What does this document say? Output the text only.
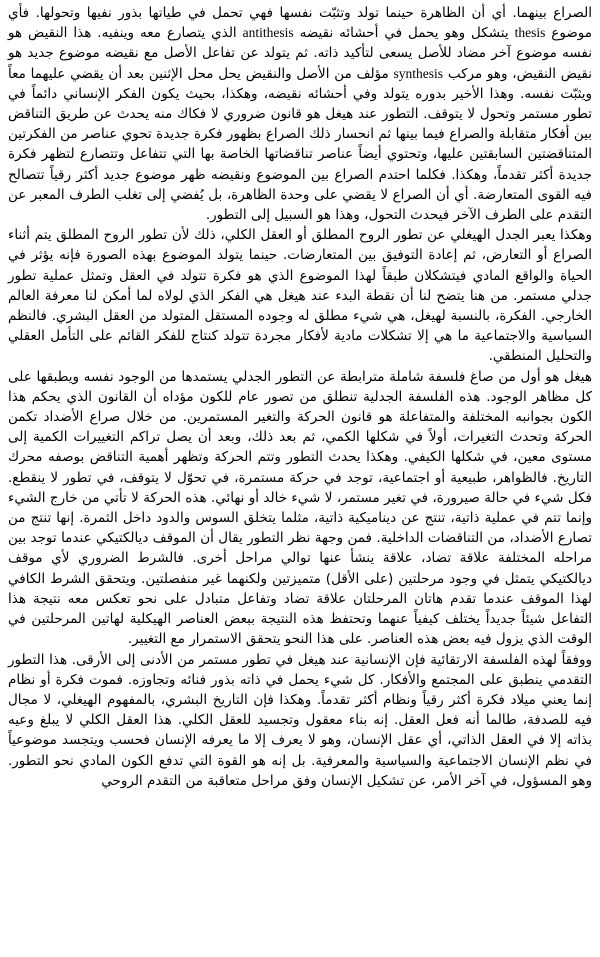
الصراع بينهما. أي أن الظاهرة حينما تولد وتثبّت نفسها فهي تحمل في طياتها بذور نفيها وتحولها. فأي موضوع thesis يتشكل وهو يحمل في أحشائه نقيضه antithesis الذي يتصارع معه وينفيه. هذا النقيض هو نفسه موضوع آخر مضاد للأصل يسعى لتأكيد ذاته. ثم يتولد عن تفاعل الأصل مع نقيضه موضوع جديد هو نقيض النقيض، وهو مركب synthesis مؤلف من الأصل والنقيض يحل محل الإثنين بعد أن يقضي عليهما معاً ويثبّت نفسه. وهذا الأخير بدوره يتولد وفي أحشائه نقيضه، وهكذا، بحيث يكون الفكر الإنساني دائماً في تطور مستمر وتحول لا يتوقف. التطور عند هيغل هو قانون ضروري لا فكاك منه يحدث عن طريق التناقض بين أفكار متقابلة والصراع فيما بينها ثم انحسار ذلك الصراع بظهور فكرة جديدة تحوي عناصر من الفكرتين المتناقضتين السابقتين عليها، وتحتوي أيضاً عناصر تناقضاتها الخاصة بها التي تتفاعل وتتصارع لتظهر فكرة جديدة أكثر تقدماً، وهكذا. فكلما احتدم الصراع بين الموضوع ونقيضه ظهر موضوع جديد أكثر رقياً تتصالح فيه القوى المتعارضة. أي أن الصراع لا يقضي على وحدة الظاهرة، بل يُفضي إلى تغلب الطرف المعبر عن التقدم على الطرف الآخر فيحدث التحول، وهذا هو السبيل إلى التطور.

وهكذا يعبر الجدل الهيغلي عن تطور الروح المطلق أو العقل الكلي، ذلك لأن تطور الروح المطلق يتم أثناء الصراع أو التعارض، ثم إعادة التوفيق بين المتعارضات. حينما يتولد الموضوع بهذه الصورة فإنه يؤثر في الحياة والواقع المادي فيتشكلان طبقاً لهذا الموضوع الذي هو فكرة تتولد في العقل وتمثل عملية تطور جدلي مستمر. من هنا يتضح لنا أن نقطة البدء عند هيغل هي الفكر الذي لولاه لما أمكن لنا معرفة العالم الخارجي. الفكرة، بالنسبة لهيغل، هي شيء مطلق له وجوده المستقل المتولد من العقل البشري. فالنظم السياسية والاجتماعية ما هي إلا تشكلات مادية لأفكار مجردة تتولد كنتاج للفكر القائم على التأمل العقلي والتحليل المنطقي.

هيغل هو أول من صاغ فلسفة شاملة مترابطة عن التطور الجدلي يستمدها من الوجود نفسه ويطبقها على كل مظاهر الوجود. هذه الفلسفة الجدلية تنطلق من تصور عام للكون مؤداه أن القانون الذي يحكم هذا الكون بجوانبه المختلفة والمتفاعلة هو قانون الحركة والتغير المستمرين. من خلال صراع الأضداد تكمن الحركة وتحدث التغيرات، أولاً في شكلها الكمي، ثم بعد ذلك، وبعد أن يصل تراكم التغييرات الكمية إلى مستوى معين، في شكلها الكيفي. وهكذا يحدث التطور وتتم الحركة وتظهر أهمية التناقض بوصفه محرك التاريخ. فالظواهر، طبيعية أو اجتماعية، توجد في حركة مستمرة، في تحوّل لا يتوقف، في تطور لا ينقطع. فكل شيء في حالة صيرورة، في تغير مستمر، لا شيء خالد أو نهائي. هذه الحركة لا تأتي من خارج الشيء وإنما تتم في عملية ذاتية، تنتج عن ديناميكية ذاتية، مثلما يتخلق السوس والدود داخل الثمرة. إنها تنتج من تصارع الأضداد، من التناقضات الداخلية. فمن وجهة نظر التطور يقال أن الموقف ديالكتيكي عندما توجد بين مراحله المختلفة علاقة تضاد، علاقة ينشأ عنها توالي مراحل أخرى. فالشرط الضروري لأي موقف ديالكتيكي يتمثل في وجود مرحلتين (على الأقل) متميزتين ولكنهما غير منفصلتين. ويتحقق الشرط الكافي لهذا الموقف عندما تقدم هاتان المرحلتان علاقة تضاد وتفاعل متبادل على نحو تعكس معه نتيجة هذا التفاعل شيئاً جديداً يختلف كيفياً عنهما وتحتفظ هذه النتيجة ببعض العناصر الهيكلية لهاتين المرحلتين في الوقت الذي يزول فيه بعض هذه العناصر. على هذا النحو يتحقق الاستمرار مع التغيير.

ووفقاً لهذه الفلسفة الارتقائية فإن الإنسانية عند هيغل في تطور مستمر من الأدنى إلى الأرقى. هذا التطور التقدمي ينطبق على المجتمع والأفكار. كل شيء يحمل في ذاته بذور فنائه وتجاوزه. فموت فكرة أو نظام إنما يعني ميلاد فكرة أكثر رقياً ونظام أكثر تقدماً. وهكذا فإن التاريخ البشري، بالمفهوم الهيغلي، لا مجال فيه للصدفة، طالما أنه فعل العقل. إنه بناء معقول وتجسيد للعقل الكلي. هذا العقل الكلي لا يبلغ وعيه بذاته إلا في العقل الذاتي، أي عقل الإنسان، وهو لا يعرف إلا ما يعرفه الإنسان فحسب ويتجسد موضوعياً في نظم الإنسان الاجتماعية والسياسية والمعرفية. بل إنه هو القوة التي تدفع الكون المادي نحو التطور. وهو المسؤول، في آخر الأمر، عن تشكيل الإنسان وفق مراحل متعاقبة من التقدم الروحي
